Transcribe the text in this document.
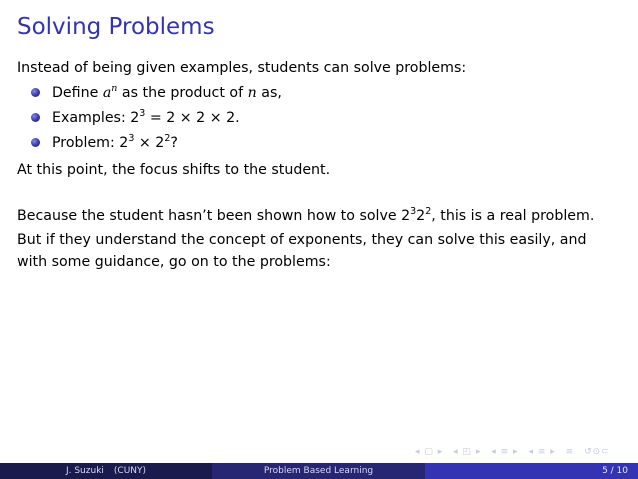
Solving Problems
Instead of being given examples, students can solve problems:
Define $a^n$ as the product of n as,
Examples: $2^3 = 2 \times 2 \times 2$.
Problem: $2^3 \times 2^2$?
At this point, the focus shifts to the student.
Because the student hasn’t been shown how to solve $2^32^2$, this is a real problem.
But if they understand the concept of exponents, they can solve this easily, and
with some guidance, go on to the problems:
◂ ▢ ▸ ◂ ◰ ▸ ◂ ≡ ▸ ◂ ≡ ▸ ≡ ↺⊙⊂
J. Suzuki (CUNY)	Problem Based Learning	5 / 10
